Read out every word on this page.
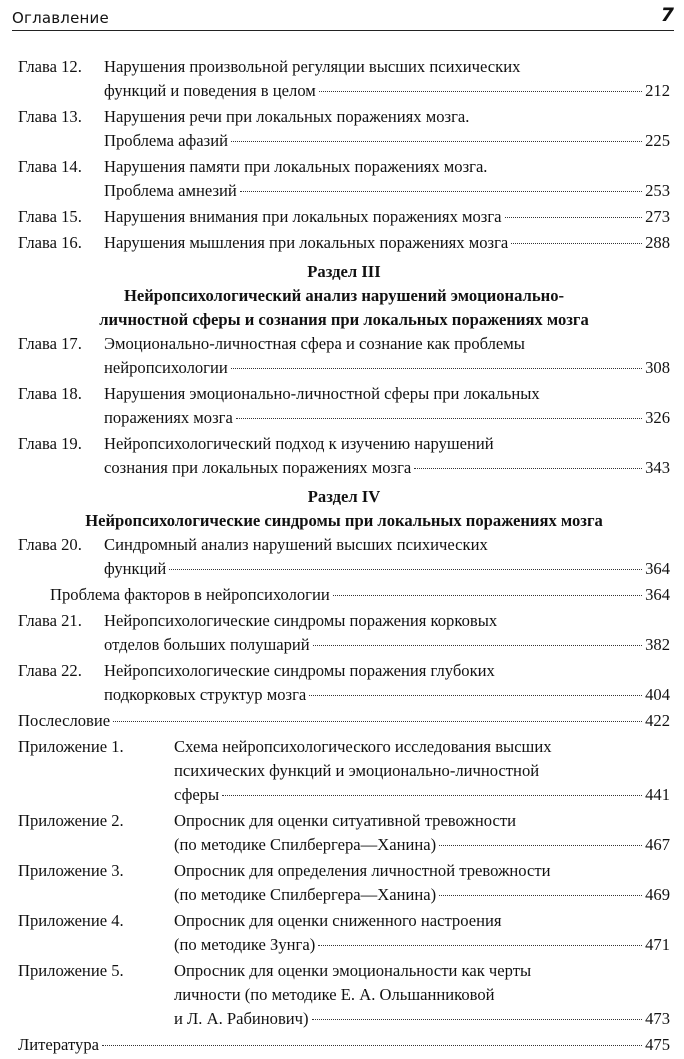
Оглавление	7
Глава 12.	Нарушения произвольной регуляции высших психических
функций и поведения в целом	212
Глава 13.	Нарушения речи при локальных поражениях мозга.
Проблема афазий	225
Глава 14.	Нарушения памяти при локальных поражениях мозга.
Проблема амнезий	253
Глава 15.	Нарушения внимания при локальных поражениях мозга	273
Глава 16.	Нарушения мышления при локальных поражениях мозга	288
Раздел III
Нейропсихологический анализ нарушений эмоционально-
личностной сферы и сознания при локальных поражениях мозга
Глава 17.	Эмоционально-личностная сфера и сознание как проблемы
нейропсихологии	308
Глава 18.	Нарушения эмоционально-личностной сферы при локальных
поражениях мозга	326
Глава 19.	Нейропсихологический подход к изучению нарушений
сознания при локальных поражениях мозга	343
Раздел IV
Нейропсихологические синдромы при локальных поражениях мозга
Глава 20.	Синдромный анализ нарушений высших психических
функций	364
Проблема факторов в нейропсихологии	364
Глава 21.	Нейропсихологические синдромы поражения корковых
отделов больших полушарий	382
Глава 22.	Нейропсихологические синдромы поражения глубоких
подкорковых структур мозга	404
Послесловие	422
Приложение 1.	Схема нейропсихологического исследования высших
психических функций и эмоционально-личностной
сферы	441
Приложение 2.	Опросник для оценки ситуативной тревожности
(по методике Спилбергера—Ханина)	467
Приложение 3.	Опросник для определения личностной тревожности
(по методике Спилбергера—Ханина)	469
Приложение 4.	Опросник для оценки сниженного настроения
(по методике Зунга)	471
Приложение 5.	Опросник для оценки эмоциональности как черты
личности (по методике Е. А. Ольшанниковой
и Л. А. Рабинович)	473
Литература	475
